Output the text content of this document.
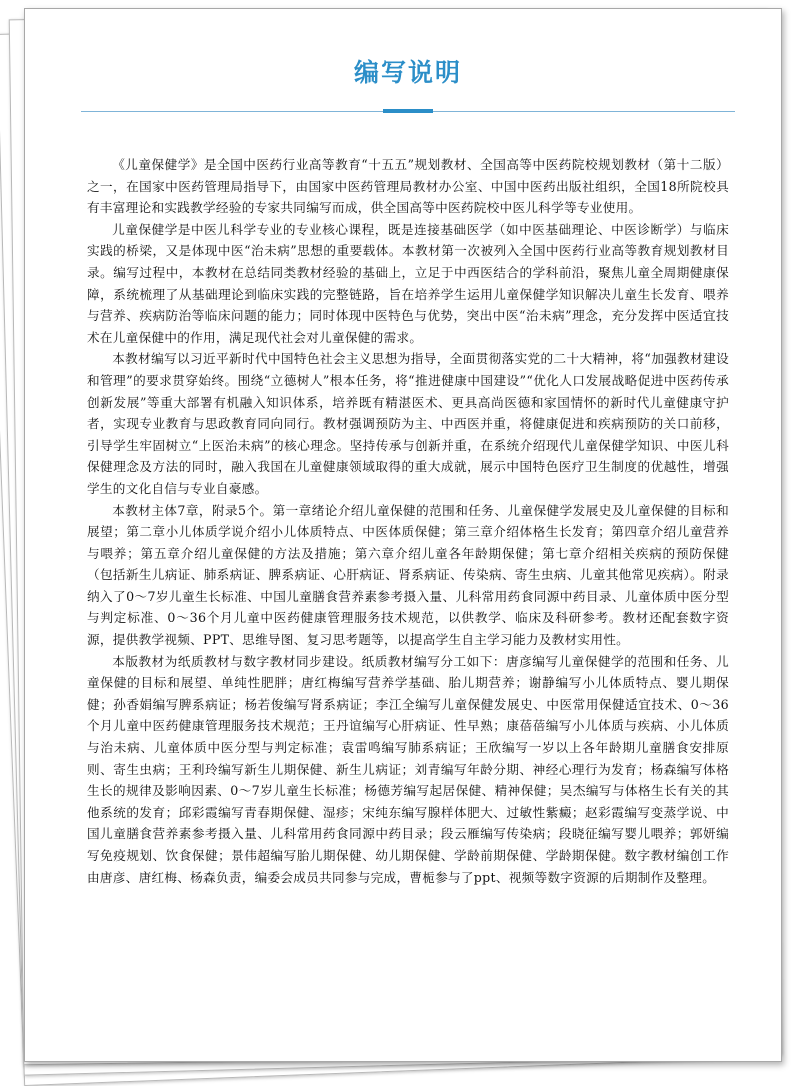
编写说明

《儿童保健学》是全国中医药行业高等教育“十五五”规划教材、全国高等中医药院校规划教材（第十二版）之一，在国家中医药管理局指导下，由国家中医药管理局教材办公室、中国中医药出版社组织，全国18所院校具有丰富理论和实践教学经验的专家共同编写而成，供全国高等中医药院校中医儿科学等专业使用。

儿童保健学是中医儿科学专业的专业核心课程，既是连接基础医学（如中医基础理论、中医诊断学）与临床实践的桥梁，又是体现中医“治未病”思想的重要载体。本教材第一次被列入全国中医药行业高等教育规划教材目录。编写过程中，本教材在总结同类教材经验的基础上，立足于中西医结合的学科前沿，聚焦儿童全周期健康保障，系统梳理了从基础理论到临床实践的完整链路，旨在培养学生运用儿童保健学知识解决儿童生长发育、喂养与营养、疾病防治等临床问题的能力；同时体现中医特色与优势，突出中医“治未病”理念，充分发挥中医适宜技术在儿童保健中的作用，满足现代社会对儿童保健的需求。

本教材编写以习近平新时代中国特色社会主义思想为指导，全面贯彻落实党的二十大精神，将“加强教材建设和管理”的要求贯穿始终。围绕“立德树人”根本任务，将“推进健康中国建设”“优化人口发展战略促进中医药传承创新发展”等重大部署有机融入知识体系，培养既有精湛医术、更具高尚医德和家国情怀的新时代儿童健康守护者，实现专业教育与思政教育同向同行。教材强调预防为主、中西医并重，将健康促进和疾病预防的关口前移，引导学生牢固树立“上医治未病”的核心理念。坚持传承与创新并重，在系统介绍现代儿童保健学知识、中医儿科保健理念及方法的同时，融入我国在儿童健康领域取得的重大成就，展示中国特色医疗卫生制度的优越性，增强学生的文化自信与专业自豪感。

本教材主体7章，附录5个。第一章绪论介绍儿童保健的范围和任务、儿童保健学发展史及儿童保健的目标和展望；第二章小儿体质学说介绍小儿体质特点、中医体质保健；第三章介绍体格生长发育；第四章介绍儿童营养与喂养；第五章介绍儿童保健的方法及措施；第六章介绍儿童各年龄期保健；第七章介绍相关疾病的预防保健（包括新生儿病证、肺系病证、脾系病证、心肝病证、肾系病证、传染病、寄生虫病、儿童其他常见疾病）。附录纳入了0～7岁儿童生长标准、中国儿童膳食营养素参考摄入量、儿科常用药食同源中药目录、儿童体质中医分型与判定标准、0～36个月儿童中医药健康管理服务技术规范，以供教学、临床及科研参考。教材还配套数字资源，提供教学视频、PPT、思维导图、复习思考题等，以提高学生自主学习能力及教材实用性。

本版教材为纸质教材与数字教材同步建设。纸质教材编写分工如下：唐彦编写儿童保健学的范围和任务、儿童保健的目标和展望、单纯性肥胖；唐红梅编写营养学基础、胎儿期营养；谢静编写小儿体质特点、婴儿期保健；孙香娟编写脾系病证；杨若俊编写肾系病证；李江全编写儿童保健发展史、中医常用保健适宜技术、0～36个月儿童中医药健康管理服务技术规范；王丹谊编写心肝病证、性早熟；康蓓蓓编写小儿体质与疾病、小儿体质与治未病、儿童体质中医分型与判定标准；袁雷鸣编写肺系病证；王欣编写一岁以上各年龄期儿童膳食安排原则、寄生虫病；王利玲编写新生儿期保健、新生儿病证；刘青编写年龄分期、神经心理行为发育；杨森编写体格生长的规律及影响因素、0～7岁儿童生长标准；杨德芳编写起居保健、精神保健；吴杰编写与体格生长有关的其他系统的发育；邱彩霞编写青春期保健、湿疹；宋纯东编写腺样体肥大、过敏性紫癜；赵彩霞编写变蒸学说、中国儿童膳食营养素参考摄入量、儿科常用药食同源中药目录；段云雁编写传染病；段晓征编写婴儿喂养；郭妍编写免疫规划、饮食保健；景伟超编写胎儿期保健、幼儿期保健、学龄前期保健、学龄期保健。数字教材编创工作由唐彦、唐红梅、杨森负责，编委会成员共同参与完成，曹栀参与了ppt、视频等数字资源的后期制作及整理。
